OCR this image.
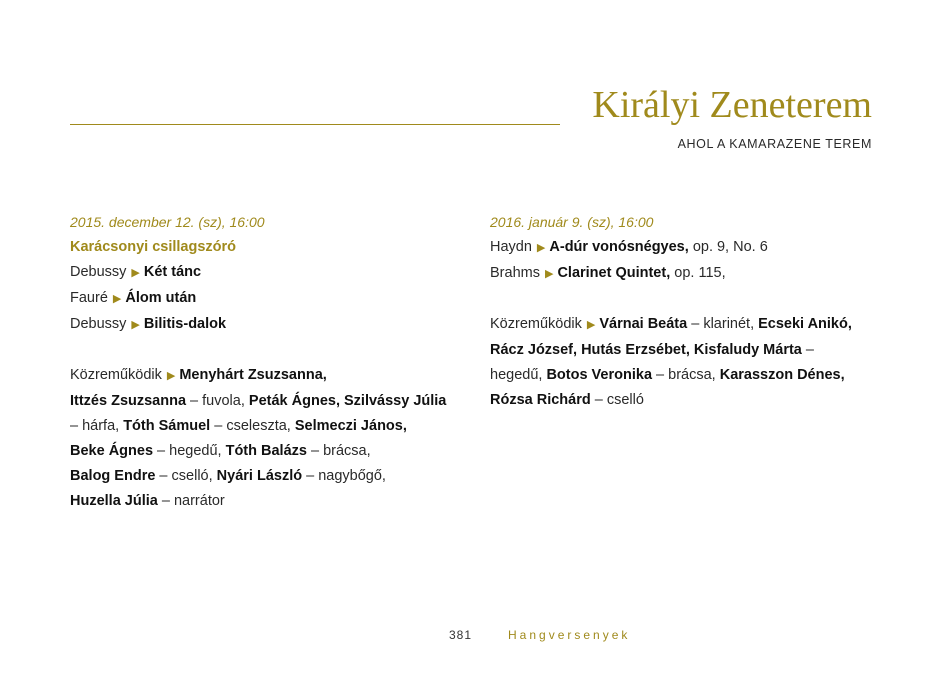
Királyi Zeneterem
AHOL A KAMARAZENE TEREM
2015. december 12. (sz), 16:00
Karácsonyi csillagszóró
Debussy ▶ Két tánc
Fauré ▶ Álom után
Debussy ▶ Bilitis-dalok
Közreműködik ▶ Menyhárt Zsuzsanna,
Ittzés Zsuzsanna – fuvola, Peták Ágnes, Szilvássy Júlia
– hárfa, Tóth Sámuel – cseleszta, Selmeczi János,
Beke Ágnes – hegedű, Tóth Balázs – brácsa,
Balog Endre – cselló, Nyári László – nagybőgő,
Huzella Júlia – narrátor
2016. január 9. (sz), 16:00
Haydn ▶ A-dúr vonósnégyes, op. 9, No. 6
Brahms ▶ Clarinet Quintet, op. 115,
Közreműködik ▶ Várnai Beáta – klarinét, Ecseki Anikó,
Rácz József, Hutás Erzsébet, Kisfaludy Márta –
hegedű, Botos Veronika – brácsa, Karasszon Dénes,
Rózsa Richárd – cselló
381	Hangversenyek
